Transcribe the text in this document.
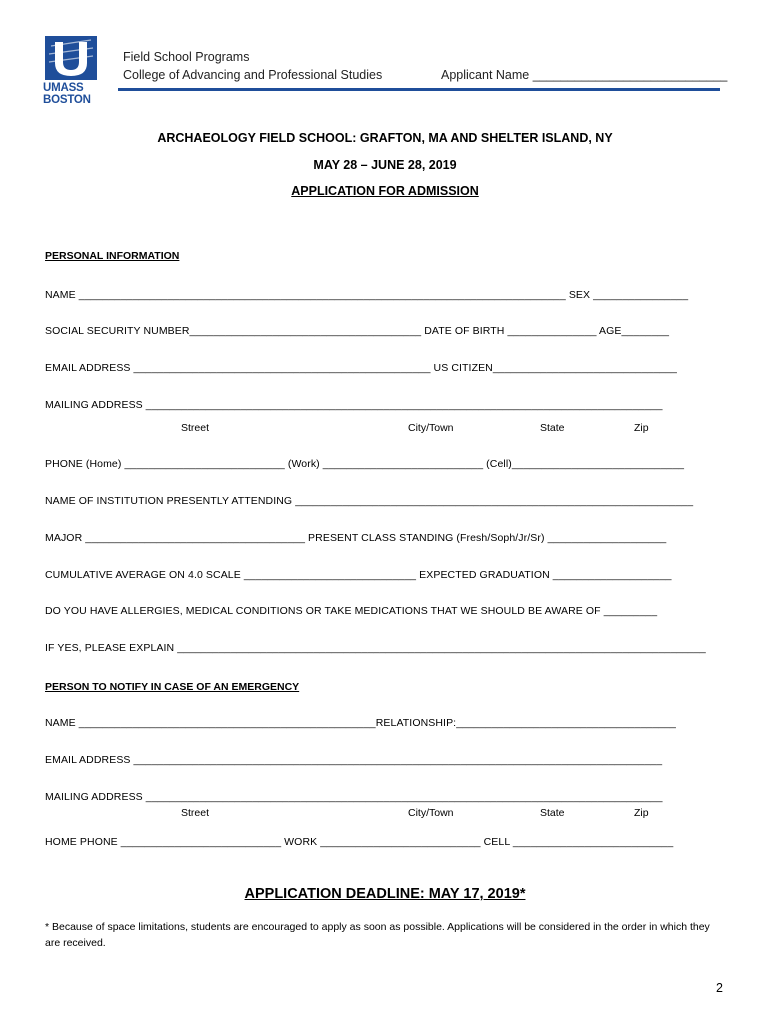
UMASS
BOSTON
Field School Programs
College of Advancing and Professional Studies	Applicant Name ____________________________
ARCHAEOLOGY FIELD SCHOOL: GRAFTON, MA AND SHELTER ISLAND, NY
MAY 28 – JUNE 28, 2019
APPLICATION FOR ADMISSION
PERSONAL INFORMATION
NAME __________________________________________________________________________________ SEX ________________
SOCIAL SECURITY NUMBER_______________________________________ DATE OF BIRTH _______________ AGE________
EMAIL ADDRESS __________________________________________________ US CITIZEN_______________________________
MAILING ADDRESS _______________________________________________________________________________________
Street	City/Town	State	Zip
PHONE (Home) ___________________________ (Work) ___________________________ (Cell)_____________________________
NAME OF INSTITUTION PRESENTLY ATTENDING ___________________________________________________________________
MAJOR _____________________________________ PRESENT CLASS STANDING (Fresh/Soph/Jr/Sr) ____________________
CUMULATIVE AVERAGE ON 4.0 SCALE _____________________________ EXPECTED GRADUATION ____________________
DO YOU HAVE ALLERGIES, MEDICAL CONDITIONS OR TAKE MEDICATIONS THAT WE SHOULD BE AWARE OF _________
IF YES, PLEASE EXPLAIN _________________________________________________________________________________________
PERSON TO NOTIFY IN CASE OF AN EMERGENCY
NAME __________________________________________________RELATIONSHIP:_____________________________________
EMAIL ADDRESS _________________________________________________________________________________________
MAILING ADDRESS _______________________________________________________________________________________
Street	City/Town	State	Zip
HOME PHONE ___________________________ WORK ___________________________ CELL ___________________________
APPLICATION DEADLINE: MAY 17, 2019*
* Because of space limitations, students are encouraged to apply as soon as possible. Applications will be considered in the order in which they are received.
2
